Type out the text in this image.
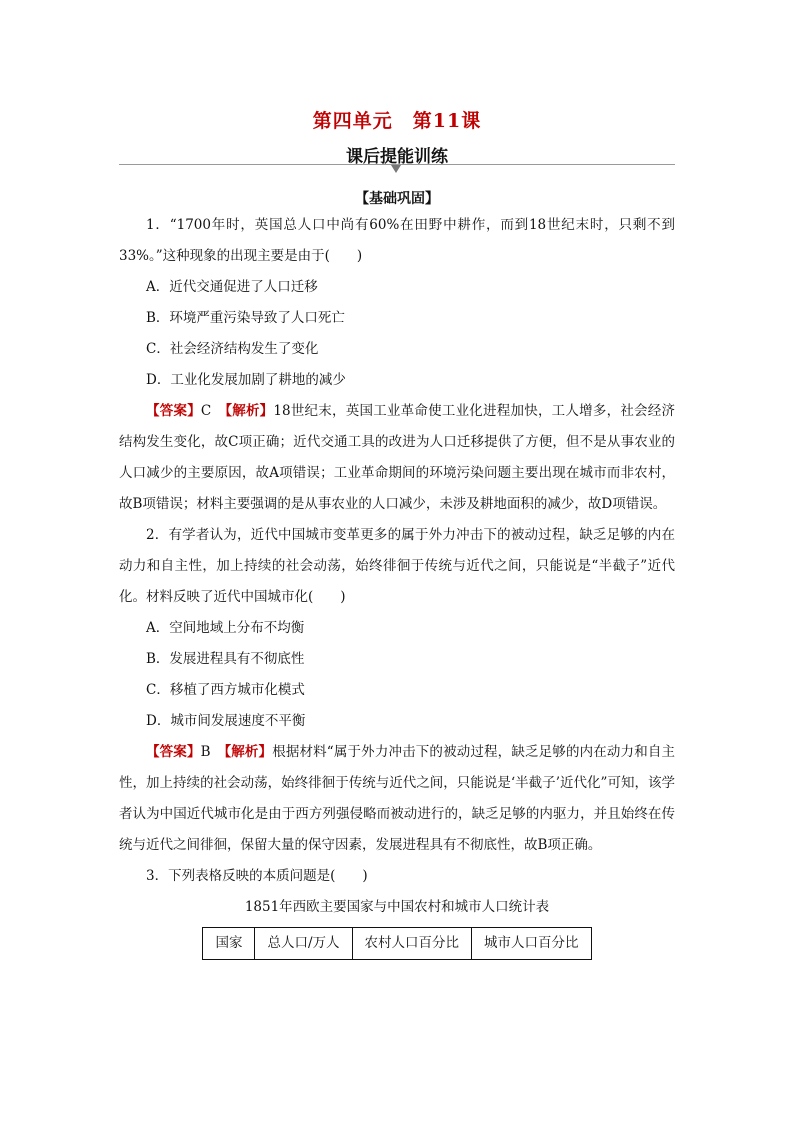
第四单元　第11课
课后提能训练
【基础巩固】

1．“1700年时，英国总人口中尚有60%在田野中耕作，而到18世纪末时，只剩不到33%。”这种现象的出现主要是由于(　　)

A．近代交通促进了人口迁移

B．环境严重污染导致了人口死亡

C．社会经济结构发生了变化

D．工业化发展加剧了耕地的减少

【答案】C　 【解析】18世纪末，英国工业革命使工业化进程加快，工人增多，社会经济结构发生变化，故C项正确；近代交通工具的改进为人口迁移提供了方便，但不是从事农业的人口减少的主要原因，故A项错误；工业革命期间的环境污染问题主要出现在城市而非农村，故B项错误；材料主要强调的是从事农业的人口减少，未涉及耕地面积的减少，故D项错误。

2．有学者认为，近代中国城市变革更多的属于外力冲击下的被动过程，缺乏足够的内在动力和自主性，加上持续的社会动荡，始终徘徊于传统与近代之间，只能说是“半截子”近代化。材料反映了近代中国城市化(　　)

A．空间地域上分布不均衡

B．发展进程具有不彻底性

C．移植了西方城市化模式

D．城市间发展速度不平衡

【答案】B　 【解析】根据材料“属于外力冲击下的被动过程，缺乏足够的内在动力和自主性，加上持续的社会动荡，始终徘徊于传统与近代之间，只能说是‘半截子’近代化”可知，该学者认为中国近代城市化是由于西方列强侵略而被动进行的，缺乏足够的内驱力，并且始终在传统与近代之间徘徊，保留大量的保守因素，发展进程具有不彻底性，故B项正确。

3．下列表格反映的本质问题是(　　)

1851年西欧主要国家与中国农村和城市人口统计表

国家	总人口/万人	农村人口百分比	城市人口百分比
